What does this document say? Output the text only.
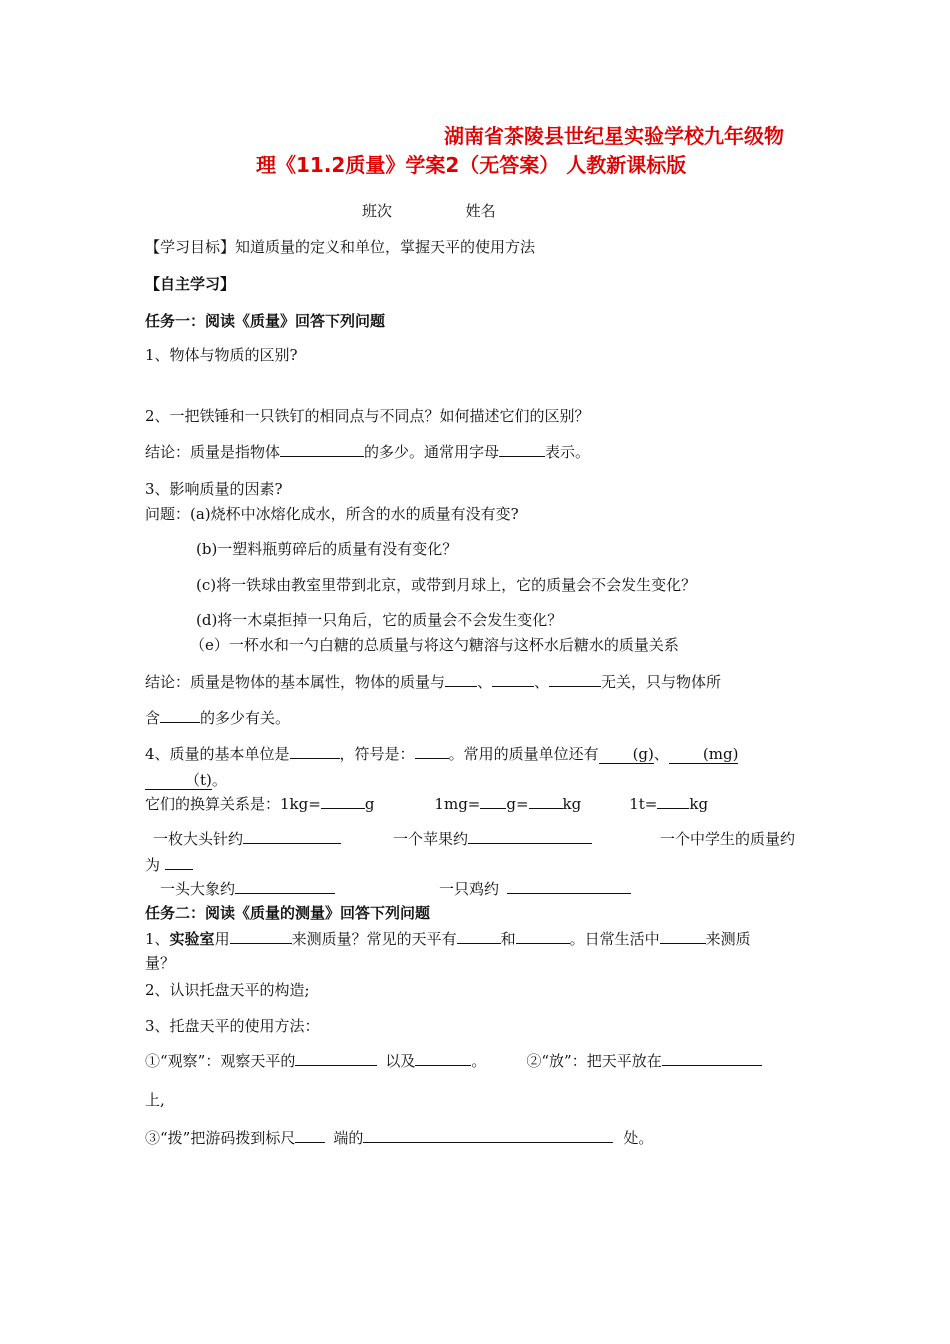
湖南省茶陵县世纪星实验学校九年级物
理《11.2质量》学案2（无答案） 人教新课标版
班次	姓名
【学习目标】知道质量的定义和单位，掌握天平的使用方法
【自主学习】
任务一：阅读《质量》回答下列问题
1、物体与物质的区别?
2、一把铁锤和一只铁钉的相同点与不同点？如何描述它们的区别？
结论：质量是指物体	的多少。通常用字母	表示。
3、影响质量的因素?
问题：(a)烧杯中冰熔化成水，所含的水的质量有没有变?
(b)一塑料瓶剪碎后的质量有没有变化？
(c)将一铁球由教室里带到北京，或带到月球上，它的质量会不会发生变化？
(d)将一木桌拒掉一只角后，它的质量会不会发生变化？
（e）一杯水和一勺白糖的总质量与将这勺糖溶与这杯水后糖水的质量关系
结论：质量是物体的基本属性，物体的质量与 、	、	无关，只与物体所
含	的多少有关。
4、质量的基本单位是	，符号是： 。常用的质量单位还有 (g)、 (mg)
（t)。
它们的换算关系是：1kg=	g	1mg= g= kg	1t= kg
一枚大头针约	一个苹果约	一个中学生的质量约
为
一头大象约	一只鸡约
任务二：阅读《质量的测量》回答下列问题
1、实验室用	来测质量？常见的天平有	和	。日常生活中	来测质
量？
2、认识托盘天平的构造;
3、托盘天平的使用方法：
①“观察”：观察天平的	以及	。	②“放”：把天平放在
上,
③“拨”把游码拨到标尺	端的	处。
